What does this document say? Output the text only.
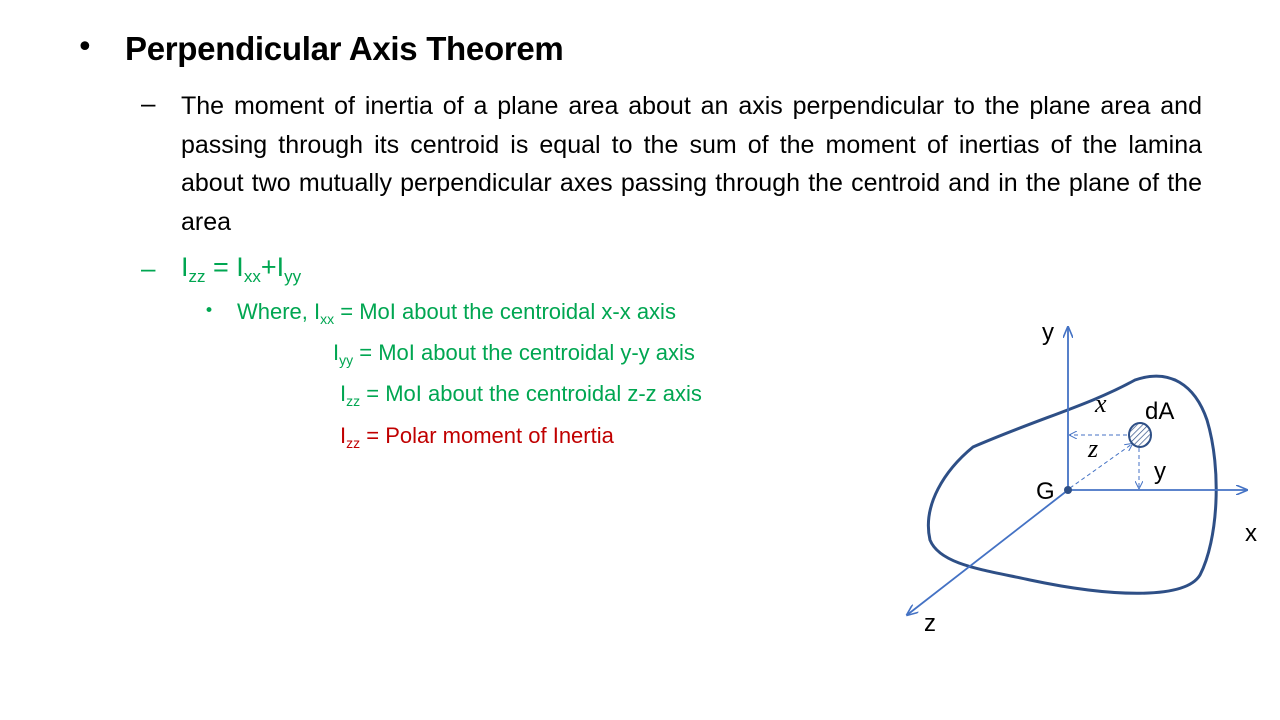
• Perpendicular Axis Theorem
– The moment of inertia of a plane area about an axis perpendicular to the plane area and passing through its centroid is equal to the sum of the moment of inertias of the lamina about two mutually perpendicular axes passing through the centroid and in the plane of the area

– $I_{zz} = I_{xx}+I_{yy}$

• Where, $I_{xx}$ = MoI about the centroidal x-x axis

$I_{yy}$ = MoI about the centroidal y-y axis

$I_{zz}$ = MoI about the centroidal z-z axis

$I_{zz}$ = Polar moment of Inertia

y
x
z
G
dA
x
z
y
